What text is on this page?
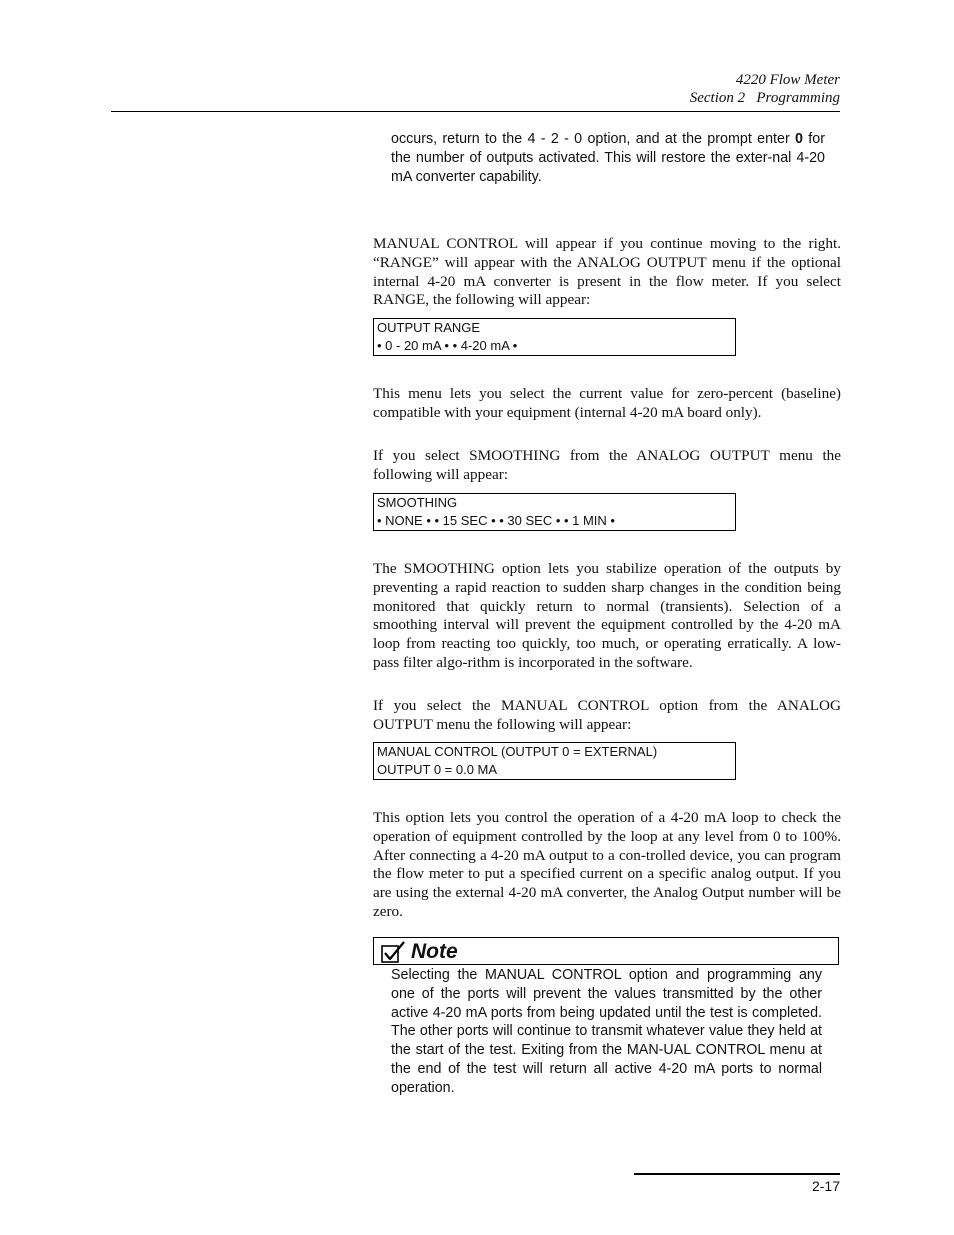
4220 Flow Meter
Section 2   Programming
occurs, return to the 4 - 2 - 0 option, and at the prompt enter 0 for the number of outputs activated. This will restore the exter-nal 4-20 mA converter capability.
MANUAL CONTROL will appear if you continue moving to the right. “RANGE” will appear with the ANALOG OUTPUT menu if the optional internal 4-20 mA converter is present in the flow meter. If you select RANGE, the following will appear:
OUTPUT RANGE
• 0 - 20 mA • • 4-20 mA •
This menu lets you select the current value for zero-percent (baseline) compatible with your equipment (internal 4-20 mA board only).
If you select SMOOTHING from the ANALOG OUTPUT menu the following will appear:
SMOOTHING
• NONE • • 15 SEC • • 30 SEC • • 1 MIN •
The SMOOTHING option lets you stabilize operation of the outputs by preventing a rapid reaction to sudden sharp changes in the condition being monitored that quickly return to normal (transients). Selection of a smoothing interval will prevent the equipment controlled by the 4-20 mA loop from reacting too quickly, too much, or operating erratically. A low-pass filter algo-rithm is incorporated in the software.
If you select the MANUAL CONTROL option from the ANALOG OUTPUT menu the following will appear:
MANUAL CONTROL (OUTPUT 0 = EXTERNAL)
OUTPUT 0 = 0.0 MA
This option lets you control the operation of a 4-20 mA loop to check the operation of equipment controlled by the loop at any level from 0 to 100%. After connecting a 4-20 mA output to a con-trolled device, you can program the flow meter to put a specified current on a specific analog output. If you are using the external 4-20 mA converter, the Analog Output number will be zero.
Note
Selecting the MANUAL CONTROL option and programming any one of the ports will prevent the values transmitted by the other active 4-20 mA ports from being updated until the test is completed. The other ports will continue to transmit whatever value they held at the start of the test. Exiting from the MAN-UAL CONTROL menu at the end of the test will return all active 4-20 mA ports to normal operation.
2-17
